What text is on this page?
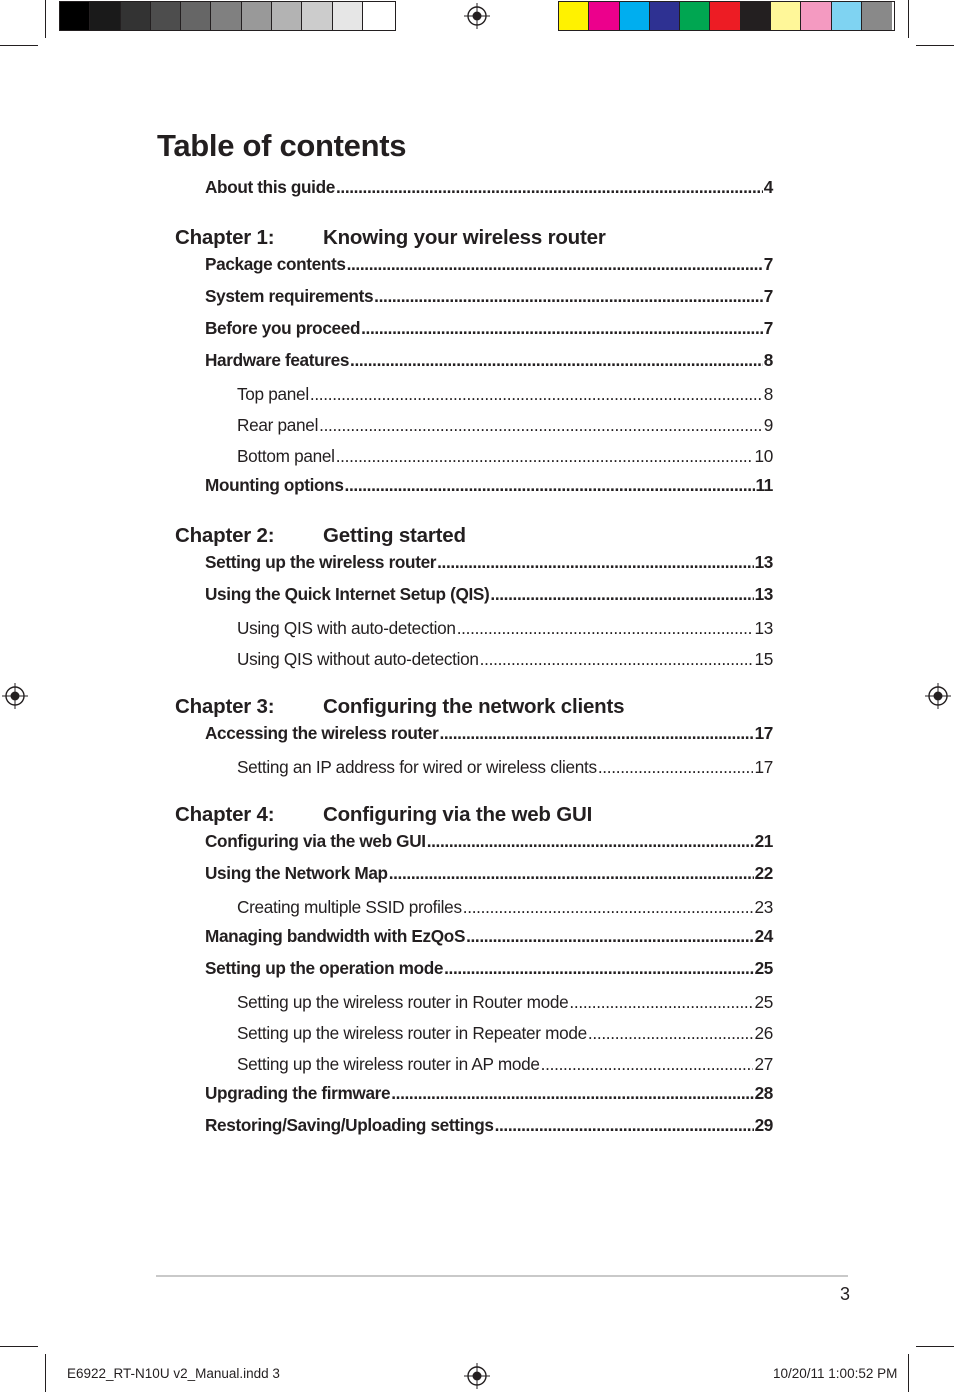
Table of contents
About this guide .....	4
Chapter 1: Knowing your wireless router
Package contents .....	7
System requirements .....	7
Before you proceed .....	7
Hardware features .....	8
Top panel .....	8
Rear panel .....	9
Bottom panel .....	10
Mounting options .....	11
Chapter 2: Getting started
Setting up the wireless router .....	13
Using the Quick Internet Setup (QIS) .....	13
Using QIS with auto-detection .....	13
Using QIS without auto-detection .....	15
Chapter 3: Configuring the network clients
Accessing the wireless router .....	17
Setting an IP address for wired or wireless clients .....	17
Chapter 4: Configuring via the web GUI
Configuring via the web GUI .....	21
Using the Network Map .....	22
Creating multiple SSID profiles .....	23
Managing bandwidth with EzQoS .....	24
Setting up the operation mode .....	25
Setting up the wireless router in Router mode .....	25
Setting up the wireless router in Repeater mode .....	26
Setting up the wireless router in AP mode .....	27
Upgrading the firmware .....	28
Restoring/Saving/Uploading settings .....	29
3
E6922_RT-N10U v2_Manual.indd 3	10/20/11 1:00:52 PM
